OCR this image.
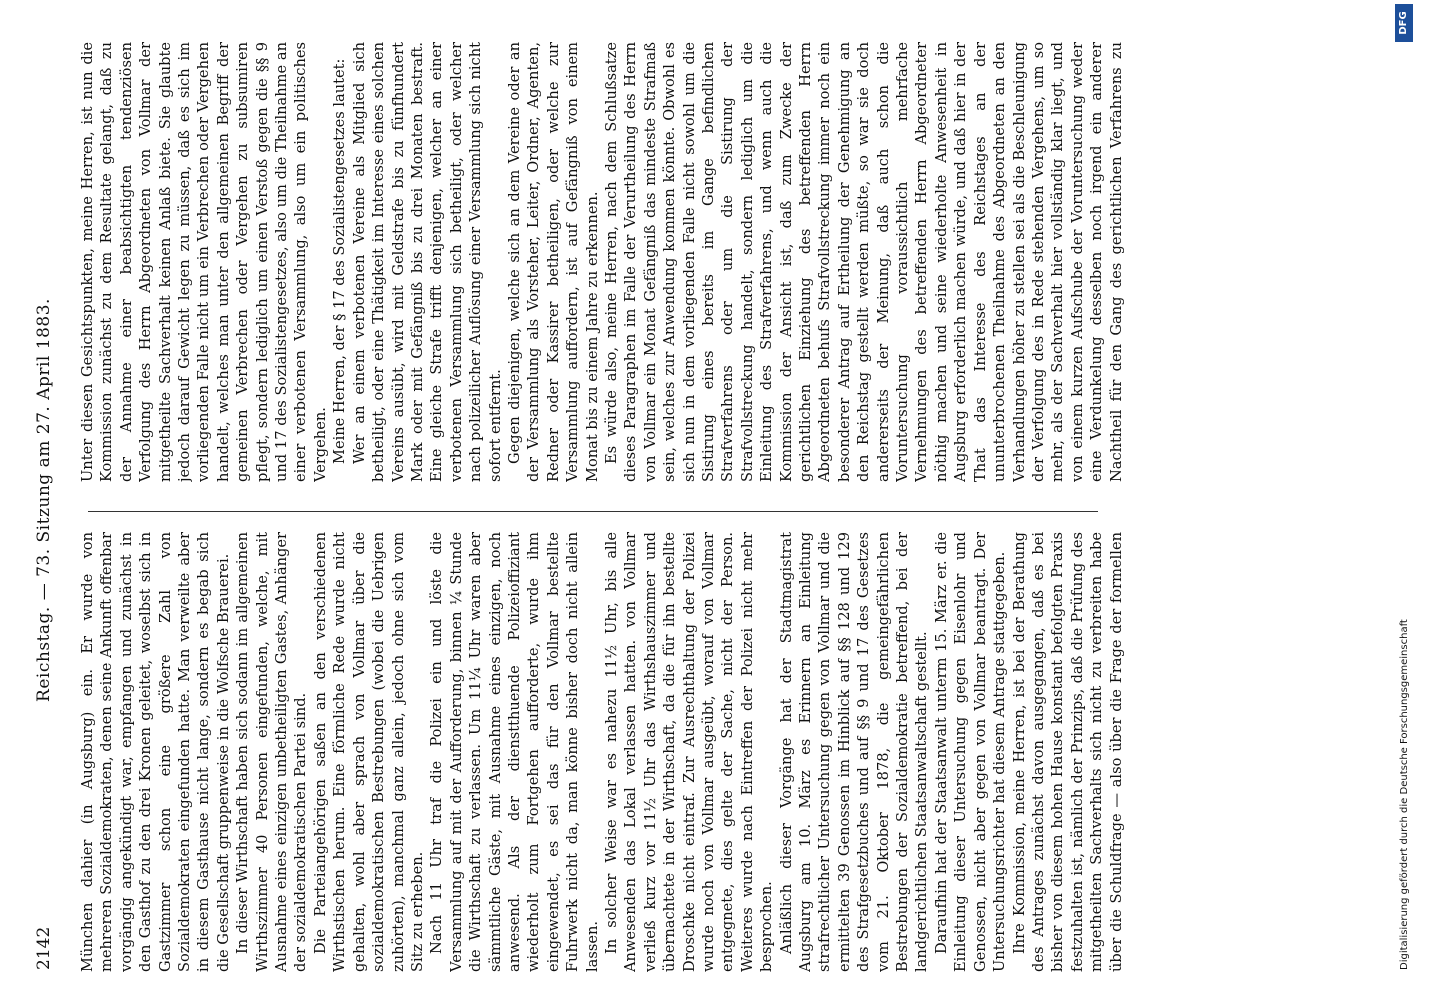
2142
Reichstag. — 73. Sitzung am 27. April 1883.

München dahier (in Augsburg) ein. Er wurde von mehreren Sozialdemokraten, denen seine Ankunft offenbar vorgängig angekündigt war, empfangen und zunächst in den Gasthof zu den drei Kronen geleitet, woselbst sich in Gastzimmer schon eine größere Zahl von Sozialdemokraten eingefunden hatte. Man verweilte aber in diesem Gasthause nicht lange, sondern es begab sich die Gesellschaft gruppenweise in die Wolfsche Brauerei. In dieser Wirthschaft haben sich sodann im allgemeinen Wirthszimmer 40 Personen eingefunden, welche, mit Ausnahme eines einzigen unbetheiligten Gastes, Anhänger der sozialdemokratischen Partei sind. Die Parteiangehörigen saßen an den verschiedenen Wirthstischen herum. Eine förmliche Rede wurde nicht gehalten, wohl aber sprach von Vollmar über die sozialdemokratischen Bestrebungen (wobei die Uebrigen zuhörten), manchmal ganz allein, jedoch ohne sich vom Sitz zu erheben. Nach 11 Uhr traf die Polizei ein und löste die Versammlung auf mit der Aufforderung, binnen ¼ Stunde die Wirthschaft zu verlassen. Um 11¼ Uhr waren aber sämmtliche Gäste, mit Ausnahme eines einzigen, noch anwesend. Als der dienstthuende Polizeioffiziant wiederholt zum Fortgehen aufforderte, wurde ihm eingewendet, es sei das für den Vollmar bestellte Fuhrwerk nicht da, man könne bisher doch nicht allein lassen. In solcher Weise war es nahezu 11½ Uhr, bis alle Anwesenden das Lokal verlassen hatten. von Vollmar verließ kurz vor 11½ Uhr das Wirthshauszimmer und übernachtete in der Wirthschaft, da die für ihn bestellte Droschke nicht eintraf. Zur Ausrechthaltung der Polizei wurde noch von Vollmar ausgeübt, worauf von Vollmar entgegnete, dies gelte der Sache, nicht der Person. Weiteres wurde nach Eintreffen der Polizei nicht mehr besprochen. Anläßlich dieser Vorgänge hat der Stadtmagistrat Augsburg am 10. März es Erinnern an Einleitung strafrechtlicher Untersuchung gegen von Vollmar und die ermittelten 39 Genossen im Hinblick auf §§ 128 und 129 des Strafgesetzbuches und auf §§ 9 und 17 des Gesetzes vom 21. Oktober 1878, die gemeingefährlichen Bestrebungen der Sozialdemokratie betreffend, bei der landgerichtlichen Staatsanwaltschaft gestellt. Daraufhin hat der Staatsanwalt unterm 15. März er. die Einleitung dieser Untersuchung gegen Eisenlohr und Genossen, nicht aber gegen von Vollmar beantragt. Der Untersuchungsrichter hat diesem Antrage stattgegeben. Ihre Kommission, meine Herren, ist bei der Berathung des Antrages zunächst davon ausgegangen, daß es bei bisher von diesem hohen Hause konstant befolgten Praxis festzuhalten ist, nämlich der Prinzips, daß die Prüfung des mitgetheilten Sachverhalts sich nicht zu verbreiten habe über die Schuldfrage — also über die Frage der formellen

Unter diesen Gesichtspunkten, meine Herren, ist nun die Kommission zunächst zu dem Resultate gelangt, daß zu der Annahme einer beabsichtigten tendenziösen Verfolgung des Herrn Abgeordneten von Vollmar der mitgetheilte Sachverhalt keinen Anlaß biete. Sie glaubte jedoch darauf Gewicht legen zu müssen, daß es sich im vorliegenden Falle nicht um ein Verbrechen oder Vergehen handelt, welches man unter den allgemeinen Begriff der gemeinen Verbrechen oder Vergehen zu subsumiren pflegt, sondern lediglich um einen Verstoß gegen die §§ 9 und 17 des Sozialistengesetzes, also um die Theilnahme an einer verbotenen Versammlung, also um ein politisches Vergehen. Meine Herren, der § 17 des Sozialistengesetzes lautet: Wer an einem verbotenen Vereine als Mitglied sich betheiligt, oder eine Thätigkeit im Interesse eines solchen Vereins ausübt, wird mit Geldstrafe bis zu fünfhundert Mark oder mit Gefängniß bis zu drei Monaten bestraft. Eine gleiche Strafe trifft denjenigen, welcher an einer verbotenen Versammlung sich betheiligt, oder welcher nach polizeilicher Auflösung einer Versammlung sich nicht sofort entfernt. Gegen diejenigen, welche sich an dem Vereine oder an der Versammlung als Vorsteher, Leiter, Ordner, Agenten, Redner oder Kassirer betheiligen, oder welche zur Versammlung auffordern, ist auf Gefängniß von einem Monat bis zu einem Jahre zu erkennen. Es würde also, meine Herren, nach dem Schlußsatze dieses Paragraphen im Falle der Verurtheilung des Herrn von Vollmar ein Monat Gefängniß das mindeste Strafmaß sein, welches zur Anwendung kommen könnte. Obwohl es sich nun in dem vorliegenden Falle nicht sowohl um die Sistirung eines bereits im Gange befindlichen Strafverfahrens oder um die Sistirung der Strafvollstreckung handelt, sondern lediglich um die Einleitung des Strafverfahrens, und wenn auch die Kommission der Ansicht ist, daß zum Zwecke der gerichtlichen Einziehung des betreffenden Herrn Abgeordneten behufs Strafvollstreckung immer noch ein besonderer Antrag auf Ertheilung der Genehmigung an den Reichstag gestellt werden müßte, so war sie doch andererseits der Meinung, daß auch schon die Voruntersuchung voraussichtlich mehrfache Vernehmungen des betreffenden Herrn Abgeordneter nöthig machen und seine wiederholte Anwesenheit in Augsburg erforderlich machen würde, und daß hier in der That das Interesse des Reichstages an der ununterbrochenen Theilnahme des Abgeordneten an den Verhandlungen höher zu stellen sei als die Beschleunigung der Verfolgung des in Rede stehenden Vergehens, um so mehr, als der Sachverhalt hier vollständig klar liegt, und von einem kurzen Aufschube der Voruntersuchung weder eine Verdunkelung desselben noch irgend ein anderer Nachtheil für den Gang des gerichtlichen Verfahrens zu

Digitalisierung gefördert durch die Deutsche Forschungsgemeinschaft
DFG
